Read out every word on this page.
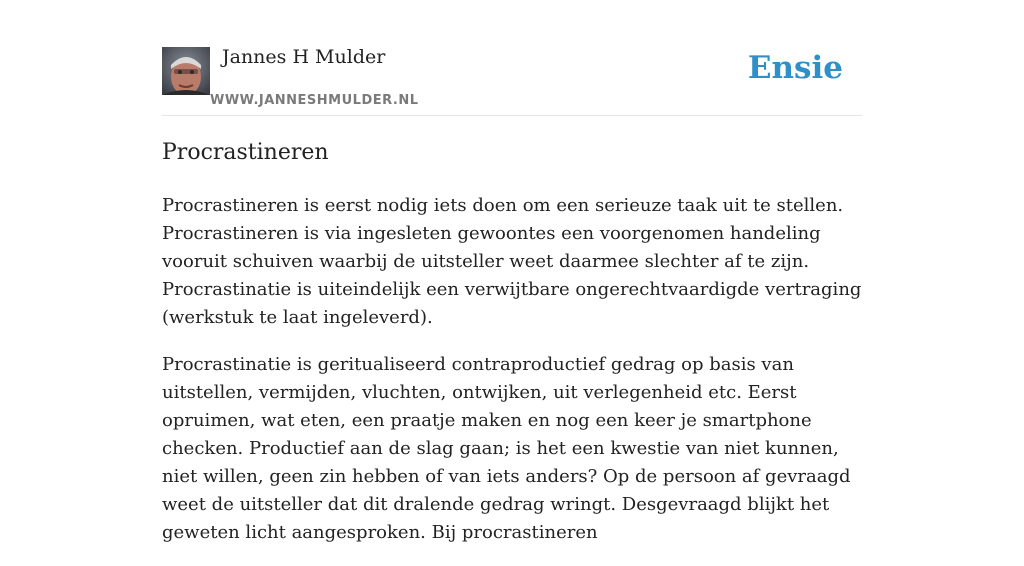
Jannes H Mulder
WWW.JANNESHMULDER.NL
Ensie
Procrastineren

Procrastineren is eerst nodig iets doen om een serieuze taak uit te stellen. Procrastineren is via ingesleten gewoontes een voorgenomen handeling vooruit schuiven waarbij de uitsteller weet daarmee slechter af te zijn. Procrastinatie is uiteindelijk een verwijtbare ongerechtvaardigde vertraging (werkstuk te laat ingeleverd).

Procrastinatie is geritualiseerd contraproductief gedrag op basis van uitstellen, vermijden, vluchten, ontwijken, uit verlegenheid etc. Eerst opruimen, wat eten, een praatje maken en nog een keer je smartphone checken. Productief aan de slag gaan; is het een kwestie van niet kunnen, niet willen, geen zin hebben of van iets anders? Op de persoon af gevraagd weet de uitsteller dat dit dralende gedrag wringt. Desgevraagd blijkt het geweten licht aangesproken. Bij procrastineren
